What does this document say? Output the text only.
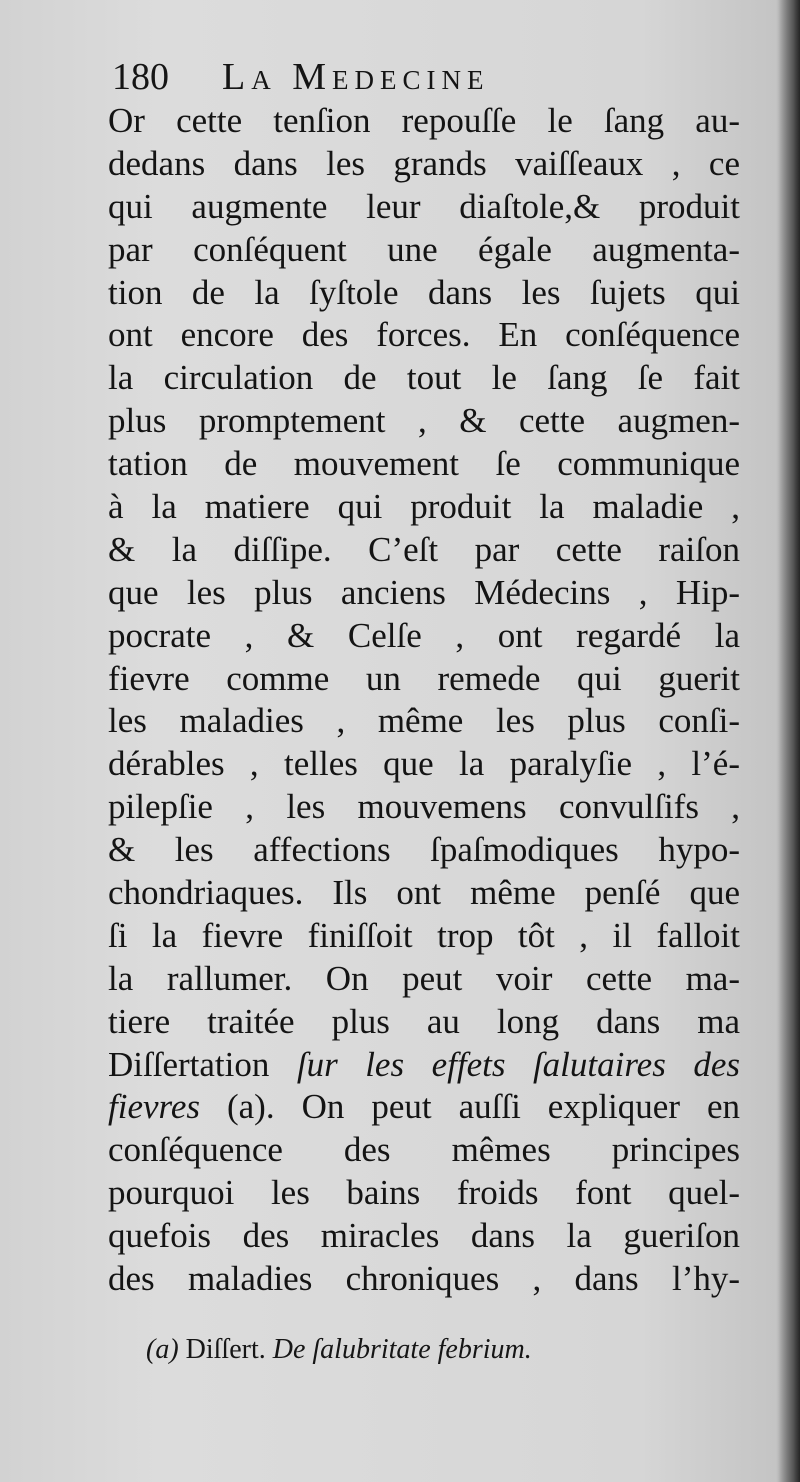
180 La Medecine
Or cette tenſion repouſſe le ſang au-
dedans dans les grands vaiſſeaux , ce
qui augmente leur diaſtole,& produit
par conſéquent une égale augmenta-
tion de la ſyſtole dans les ſujets qui
ont encore des forces. En conſéquence
la circulation de tout le ſang ſe fait
plus promptement , & cette augmen-
tation de mouvement ſe communique
à la matiere qui produit la maladie ,
& la diſſipe. C’eſt par cette raiſon
que les plus anciens Médecins , Hip-
pocrate , & Celſe , ont regardé la
fievre comme un remede qui guerit
les maladies , même les plus conſi-
dérables , telles que la paralyſie , l’é-
pilepſie , les mouvemens convulſifs ,
& les affections ſpaſmodiques hypo-
chondriaques. Ils ont même penſé que
ſi la fievre finiſſoit trop tôt , il falloit
la rallumer. On peut voir cette ma-
tiere traitée plus au long dans ma
Diſſertation ſur les effets ſalutaires des
fievres (a). On peut auſſi expliquer en
conſéquence des mêmes principes
pourquoi les bains froids font quel-
quefois des miracles dans la gueriſon
des maladies chroniques , dans l’hy-
(a) Diſſert. De ſalubritate febrium.
